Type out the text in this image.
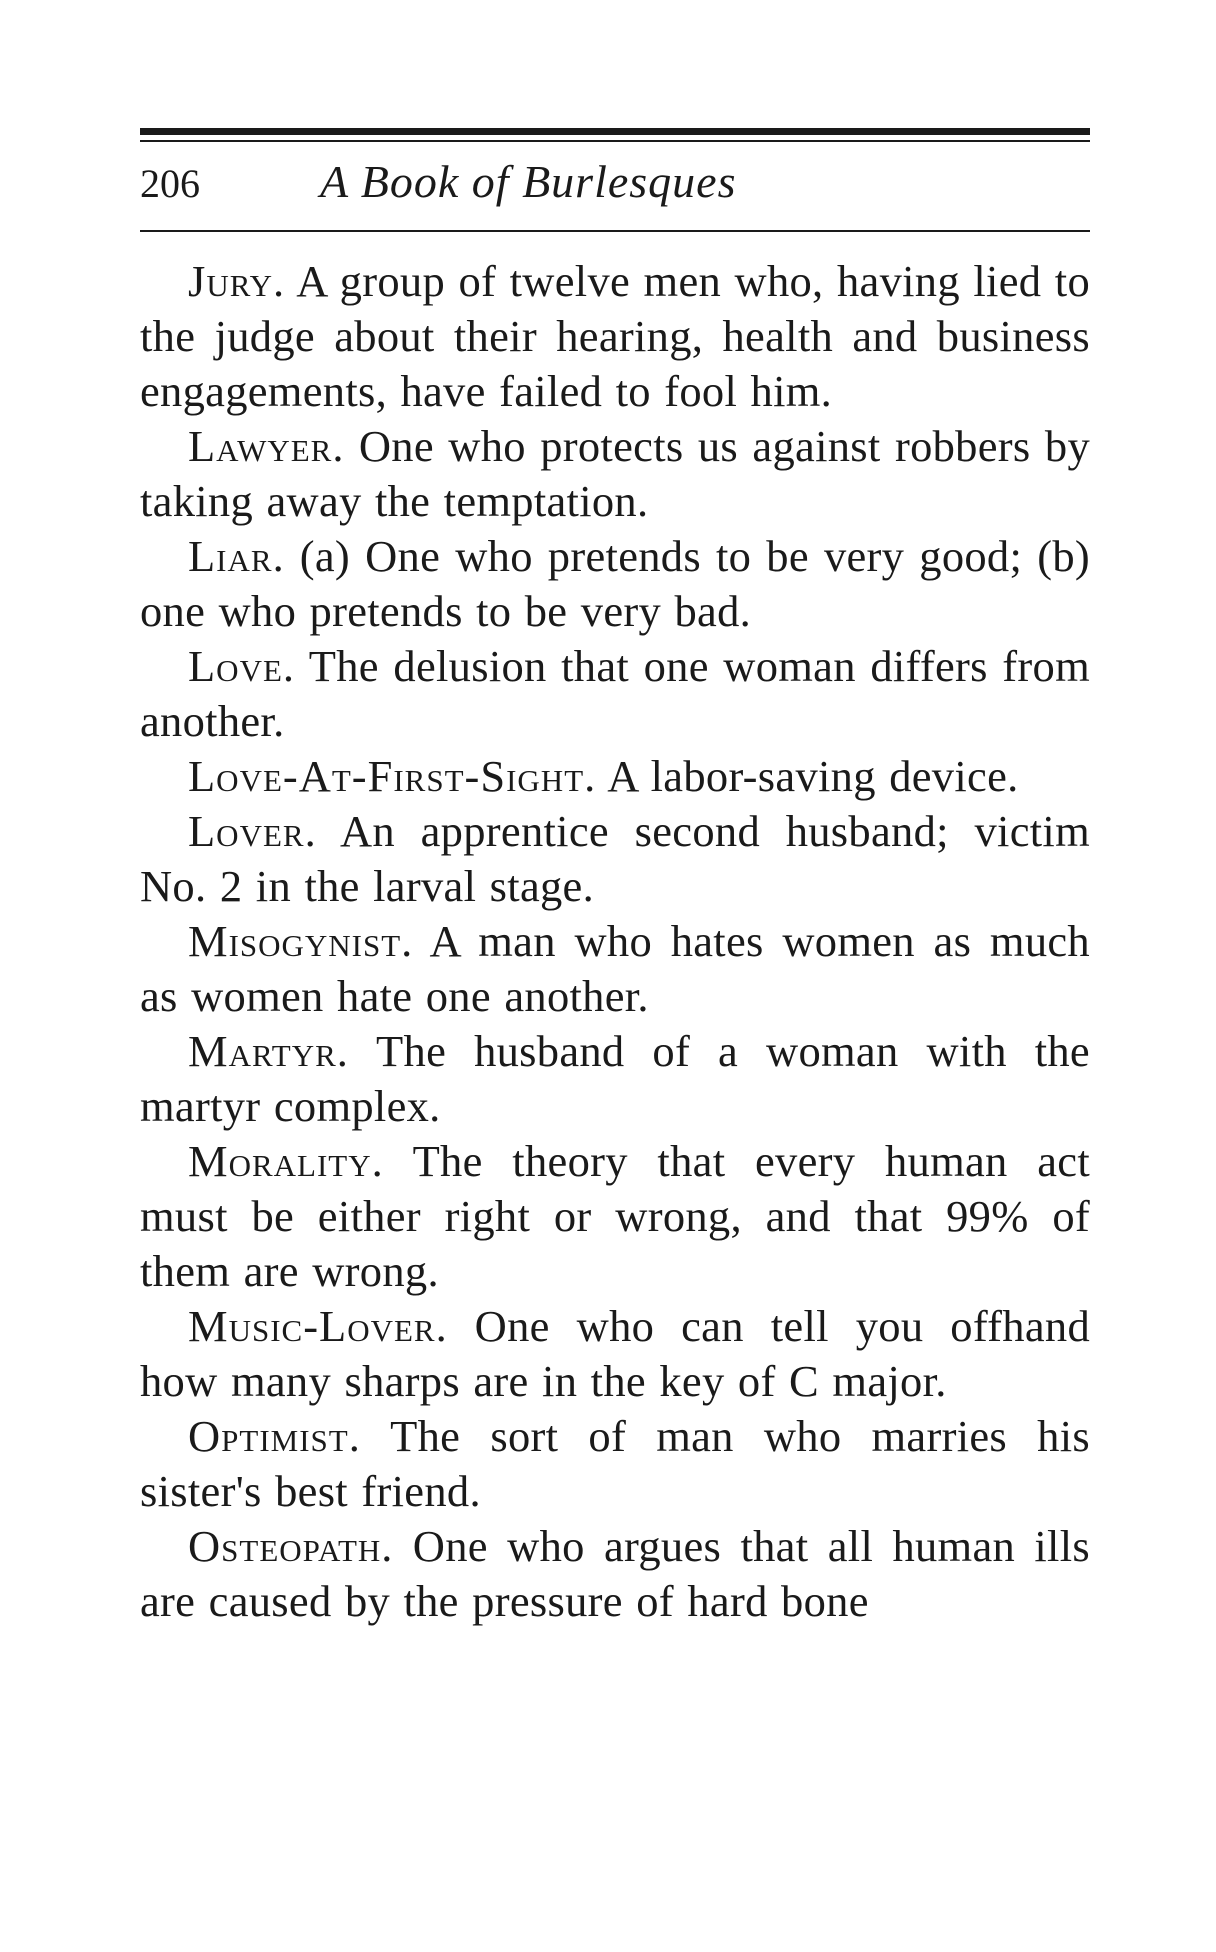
206	A Book of Burlesques

Jury. A group of twelve men who, having lied to the judge about their hearing, health and business engagements, have failed to fool him.

Lawyer. One who protects us against robbers by taking away the temptation.

Liar. (a) One who pretends to be very good; (b) one who pretends to be very bad.

Love. The delusion that one woman differs from another.

Love-At-First-Sight. A labor-saving device.

Lover. An apprentice second husband; victim No. 2 in the larval stage.

Misogynist. A man who hates women as much as women hate one another.

Martyr. The husband of a woman with the martyr complex.

Morality. The theory that every human act must be either right or wrong, and that 99% of them are wrong.

Music-Lover. One who can tell you offhand how many sharps are in the key of C major.

Optimist. The sort of man who marries his sister's best friend.

Osteopath. One who argues that all human ills are caused by the pressure of hard bone
